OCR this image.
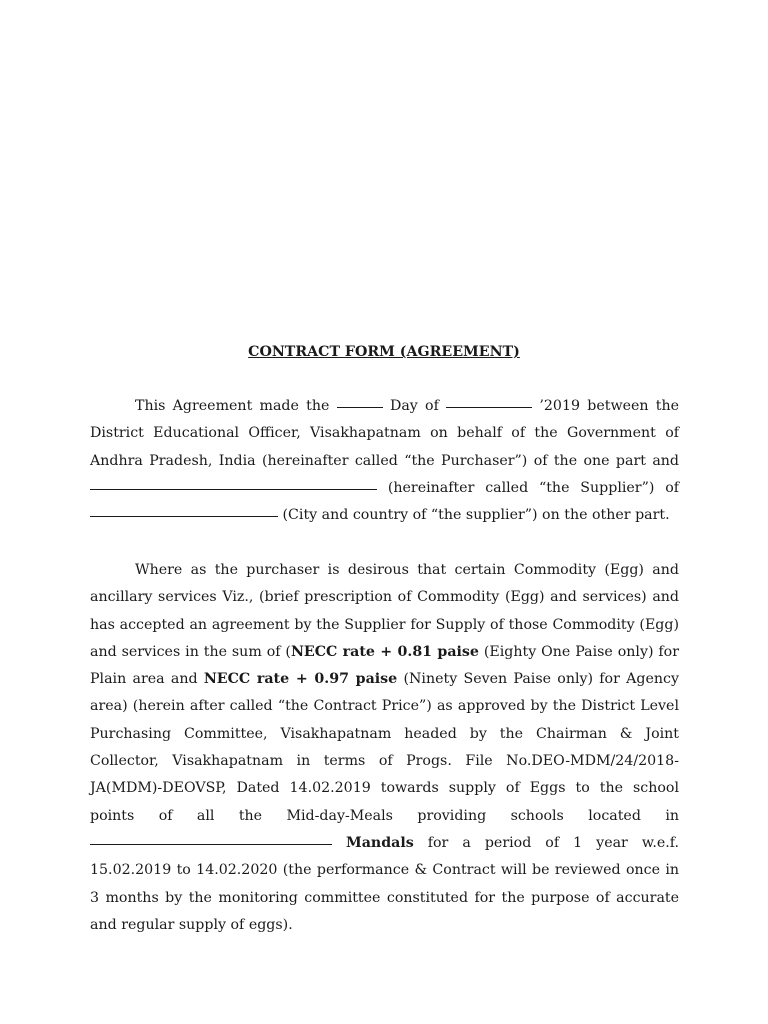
CONTRACT FORM (AGREEMENT)

This Agreement made the	Day of	’2019 between the
District Educational Officer, Visakhapatnam on behalf of the Government of
Andhra Pradesh, India (hereinafter called “the Purchaser”) of the one part and
(hereinafter called “the Supplier”) of
(City and country of “the supplier”) on the other part.
Where as the purchaser is desirous that certain Commodity (Egg) and
ancillary services Viz., (brief prescription of Commodity (Egg) and services) and
has accepted an agreement by the Supplier for Supply of those Commodity (Egg)
and services in the sum of (NECC rate + 0.81 paise (Eighty One Paise only) for
Plain area and NECC rate + 0.97 paise (Ninety Seven Paise only) for Agency
area) (herein after called “the Contract Price”) as approved by the District Level
Purchasing Committee, Visakhapatnam headed by the Chairman & Joint
Collector, Visakhapatnam in terms of Progs. File No.DEO-MDM/24/2018-
JA(MDM)-DEOVSP, Dated 14.02.2019 towards supply of Eggs to the school
points of all the Mid-day-Meals providing schools located in
Mandals for a period of 1 year w.e.f.
15.02.2019 to 14.02.2020 (the performance & Contract will be reviewed once in
3 months by the monitoring committee constituted for the purpose of accurate
and regular supply of eggs).
